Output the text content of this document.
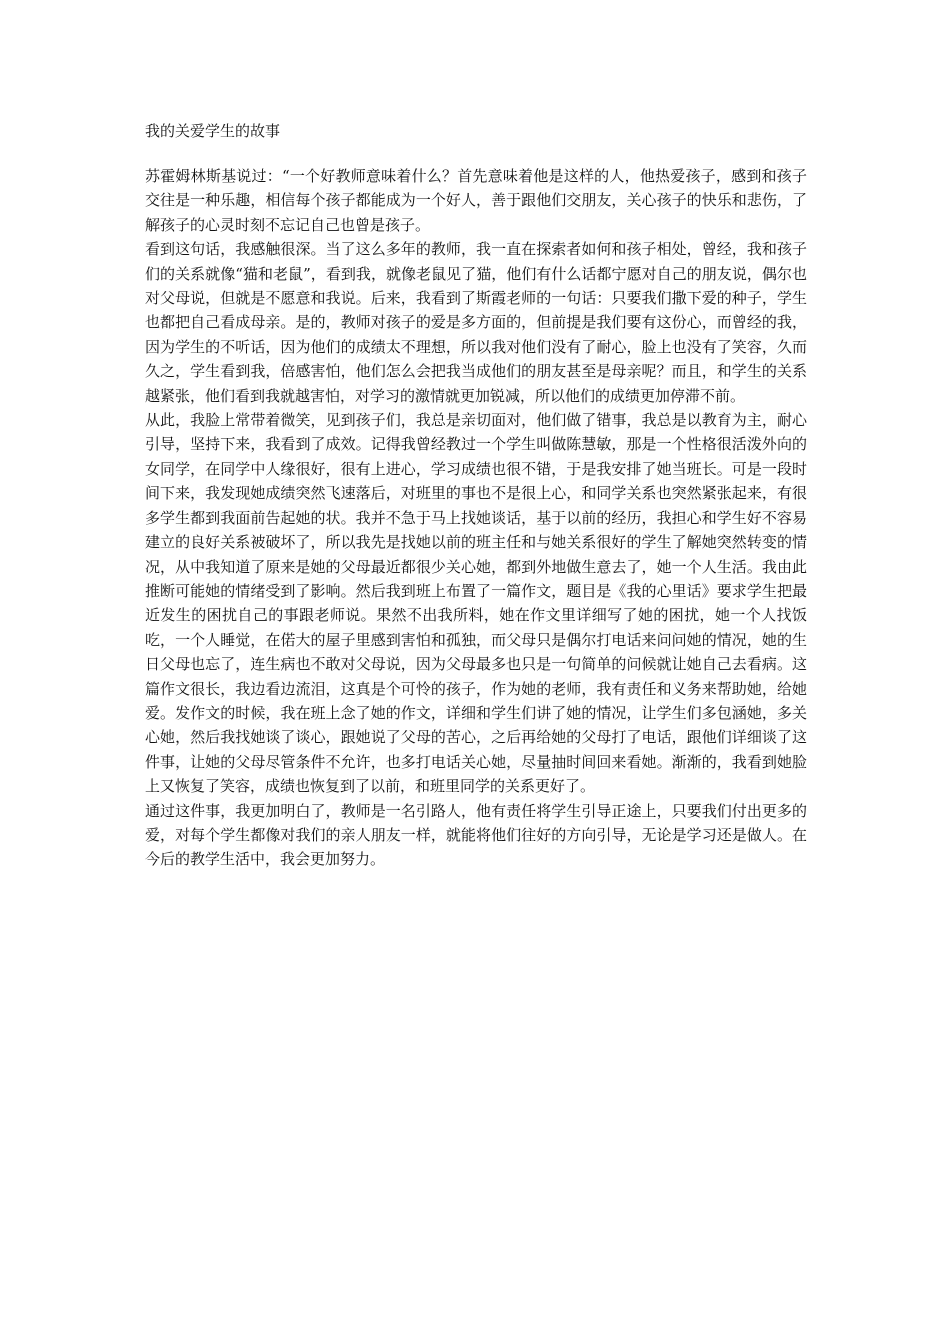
我的关爱学生的故事

苏霍姆林斯基说过：“一个好教师意味着什么？首先意味着他是这样的人，他热爱孩子，感到和孩子交往是一种乐趣，相信每个孩子都能成为一个好人，善于跟他们交朋友，关心孩子的快乐和悲伤，了解孩子的心灵时刻不忘记自己也曾是孩子。

看到这句话，我感触很深。当了这么多年的教师，我一直在探索者如何和孩子相处，曾经，我和孩子们的关系就像“猫和老鼠”，看到我，就像老鼠见了猫，他们有什么话都宁愿对自己的朋友说，偶尔也对父母说，但就是不愿意和我说。后来，我看到了斯霞老师的一句话：只要我们撒下爱的种子，学生也都把自己看成母亲。是的，教师对孩子的爱是多方面的，但前提是我们要有这份心，而曾经的我，因为学生的不听话，因为他们的成绩太不理想，所以我对他们没有了耐心，脸上也没有了笑容，久而久之，学生看到我，倍感害怕，他们怎么会把我当成他们的朋友甚至是母亲呢？而且，和学生的关系越紧张，他们看到我就越害怕，对学习的激情就更加锐减，所以他们的成绩更加停滞不前。

从此，我脸上常带着微笑，见到孩子们，我总是亲切面对，他们做了错事，我总是以教育为主，耐心引导，坚持下来，我看到了成效。记得我曾经教过一个学生叫做陈慧敏，那是一个性格很活泼外向的女同学，在同学中人缘很好，很有上进心，学习成绩也很不错，于是我安排了她当班长。可是一段时间下来，我发现她成绩突然飞速落后，对班里的事也不是很上心，和同学关系也突然紧张起来，有很多学生都到我面前告起她的状。我并不急于马上找她谈话，基于以前的经历，我担心和学生好不容易建立的良好关系被破坏了，所以我先是找她以前的班主任和与她关系很好的学生了解她突然转变的情况，从中我知道了原来是她的父母最近都很少关心她，都到外地做生意去了，她一个人生活。我由此推断可能她的情绪受到了影响。然后我到班上布置了一篇作文，题目是《我的心里话》要求学生把最近发生的困扰自己的事跟老师说。果然不出我所料，她在作文里详细写了她的困扰，她一个人找饭吃，一个人睡觉，在偌大的屋子里感到害怕和孤独，而父母只是偶尔打电话来问问她的情况，她的生日父母也忘了，连生病也不敢对父母说，因为父母最多也只是一句简单的问候就让她自己去看病。这篇作文很长，我边看边流泪，这真是个可怜的孩子，作为她的老师，我有责任和义务来帮助她，给她爱。发作文的时候，我在班上念了她的作文，详细和学生们讲了她的情况，让学生们多包涵她，多关心她，然后我找她谈了谈心，跟她说了父母的苦心，之后再给她的父母打了电话，跟他们详细谈了这件事，让她的父母尽管条件不允许，也多打电话关心她，尽量抽时间回来看她。渐渐的，我看到她脸上又恢复了笑容，成绩也恢复到了以前，和班里同学的关系更好了。

通过这件事，我更加明白了，教师是一名引路人，他有责任将学生引导正途上，只要我们付出更多的爱，对每个学生都像对我们的亲人朋友一样，就能将他们往好的方向引导，无论是学习还是做人。在今后的教学生活中，我会更加努力。
